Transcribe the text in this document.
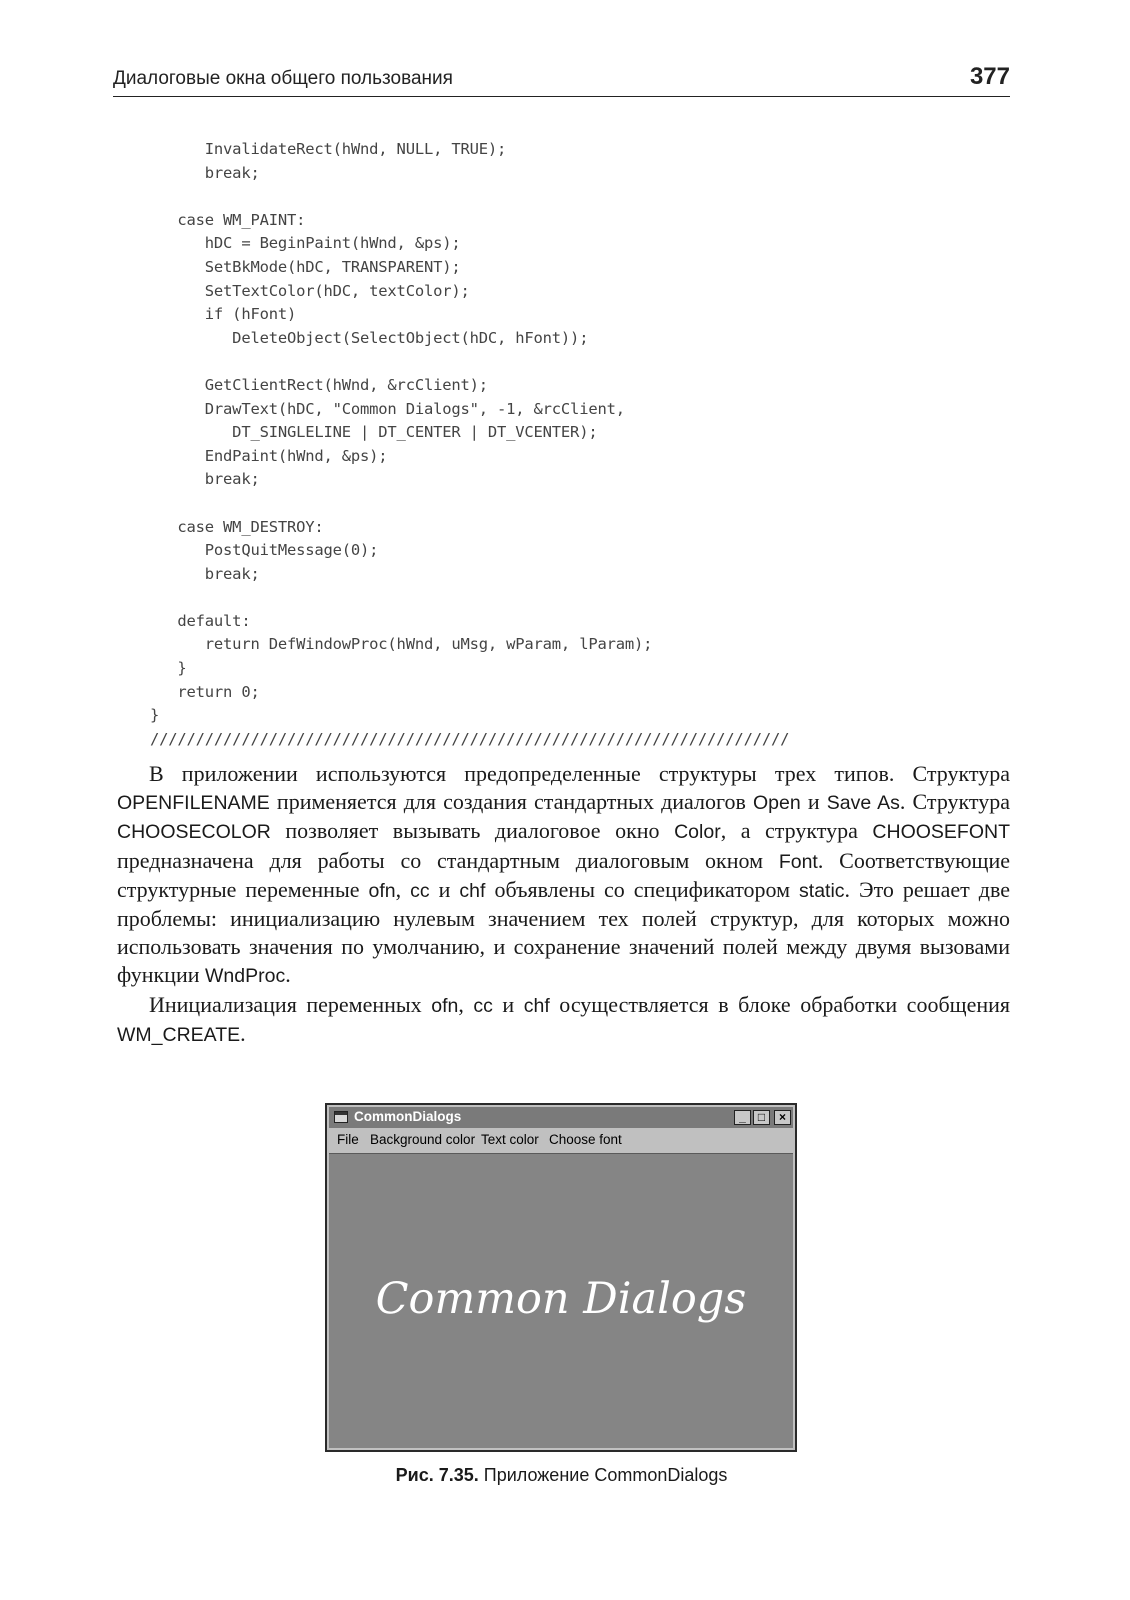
Диалоговые окна общего пользования	377
InvalidateRect(hWnd, NULL, TRUE);
break;
case WM_PAINT:
hDC = BeginPaint(hWnd, &ps);
SetBkMode(hDC, TRANSPARENT);
SetTextColor(hDC, textColor);
if (hFont)
DeleteObject(SelectObject(hDC, hFont));
GetClientRect(hWnd, &rcClient);
DrawText(hDC, "Common Dialogs", -1, &rcClient,
DT_SINGLELINE | DT_CENTER | DT_VCENTER);
EndPaint(hWnd, &ps);
break;
case WM_DESTROY:
PostQuitMessage(0);
break;
default:
return DefWindowProc(hWnd, uMsg, wParam, lParam);
}
return 0;
}
//////////////////////////////////////////////////////////////////////

В приложении используются предопределенные структуры трех типов. Структура OPENFILENAME применяется для создания стандартных диалогов Open и Save As. Структура CHOOSECOLOR позволяет вызывать диалоговое окно Color, а структура CHOOSEFONT предназначена для работы со стандартным диалоговым окном Font. Соответствующие структурные переменные ofn, cc и chf объявлены со спецификатором static. Это решает две проблемы: инициализацию нулевым значением тех полей структур, для которых можно использовать значения по умолчанию, и сохранение значений полей между двумя вызовами функции WndProc.

Инициализация переменных ofn, cc и chf осуществляется в блоке обработки сообщения WM_CREATE.

CommonDialogs	_	□	×
File Background color Text color Choose font
Common Dialogs
Рис. 7.35. Приложение CommonDialogs
